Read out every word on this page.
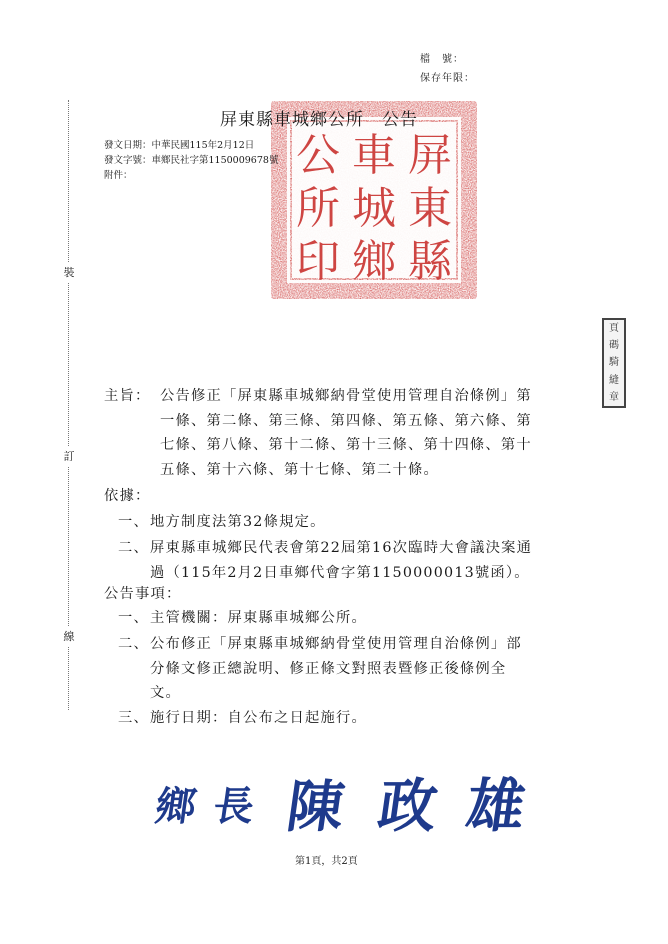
檔　號：
保存年限：
裝
訂
線
屏
東
縣
車
城
鄉
公
所
印
屏東縣車城鄉公所　公告
發文日期：中華民國115年2月12日
發文字號：車鄉民社字第1150009678號
附件：
頁
碼
騎
縫
章
主旨： 公告修正「屏東縣車城鄉納骨堂使用管理自治條例」第
一條、第二條、第三條、第四條、第五條、第六條、第
七條、第八條、第十二條、第十三條、第十四條、第十
五條、第十六條、第十七條、第二十條。
依據：
一、 地方制度法第32條規定。
二、 屏東縣車城鄉民代表會第22屆第16次臨時大會議決案通
過（115年2月2日車鄉代會字第1150000013號函）。
公告事項：
一、 主管機關：屏東縣車城鄉公所。
二、 公布修正「屏東縣車城鄉納骨堂使用管理自治條例」部
分條文修正總說明、修正條文對照表暨修正後條例全
文。
三、 施行日期：自公布之日起施行。
鄉 長 陳 政 雄
第1頁，共2頁
